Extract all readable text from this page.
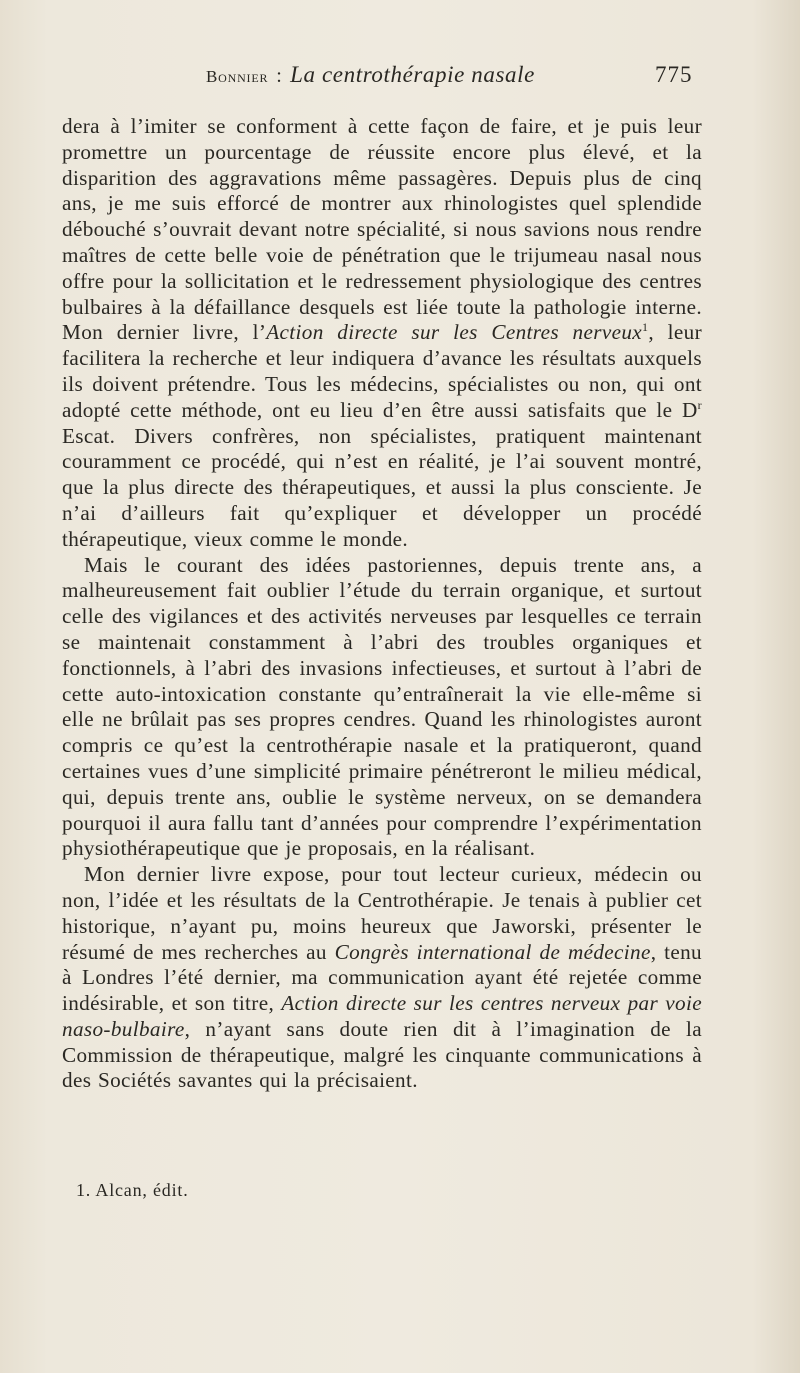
Bonnier : La centrothérapie nasale	775

dera à l’imiter se conforment à cette façon de faire, et je puis leur promettre un pourcentage de réussite encore plus élevé, et la disparition des aggravations même passagères. Depuis plus de cinq ans, je me suis efforcé de montrer aux rhinologistes quel splendide débouché s’ouvrait devant notre spécialité, si nous savions nous rendre maîtres de cette belle voie de pénétration que le trijumeau nasal nous offre pour la sollicitation et le redressement physiologique des centres bulbaires à la défaillance desquels est liée toute la pathologie interne. Mon dernier livre, l’Action directe sur les Centres nerveux$^1$, leur facilitera la recherche et leur indiquera d’avance les résultats auxquels ils doivent prétendre. Tous les médecins, spécialistes ou non, qui ont adopté cette méthode, ont eu lieu d’en être aussi satisfaits que le $D^r$ Escat. Divers confrères, non spécialistes, pratiquent maintenant couramment ce procédé, qui n’est en réalité, je l’ai souvent montré, que la plus directe des thérapeutiques, et aussi la plus consciente. Je n’ai d’ailleurs fait qu’expliquer et développer un procédé thérapeutique, vieux comme le monde.

Mais le courant des idées pastoriennes, depuis trente ans, a malheureusement fait oublier l’étude du terrain organique, et surtout celle des vigilances et des activités nerveuses par lesquelles ce terrain se maintenait constamment à l’abri des troubles organiques et fonctionnels, à l’abri des invasions infectieuses, et surtout à l’abri de cette auto-intoxication constante qu’entraînerait la vie elle-même si elle ne brûlait pas ses propres cendres. Quand les rhinologistes auront compris ce qu’est la centrothérapie nasale et la pratiqueront, quand certaines vues d’une simplicité primaire pénétreront le milieu médical, qui, depuis trente ans, oublie le système nerveux, on se demandera pourquoi il aura fallu tant d’années pour comprendre l’expérimentation physiothérapeutique que je proposais, en la réalisant.

Mon dernier livre expose, pour tout lecteur curieux, médecin ou non, l’idée et les résultats de la Centrothérapie. Je tenais à publier cet historique, n’ayant pu, moins heureux que Jaworski, présenter le résumé de mes recherches au Congrès international de médecine, tenu à Londres l’été dernier, ma communication ayant été rejetée comme indésirable, et son titre, Action directe sur les centres nerveux par voie naso-bulbaire, n’ayant sans doute rien dit à l’imagination de la Commission de thérapeutique, malgré les cinquante communications à des Sociétés savantes qui la précisaient.

1. Alcan, édit.
